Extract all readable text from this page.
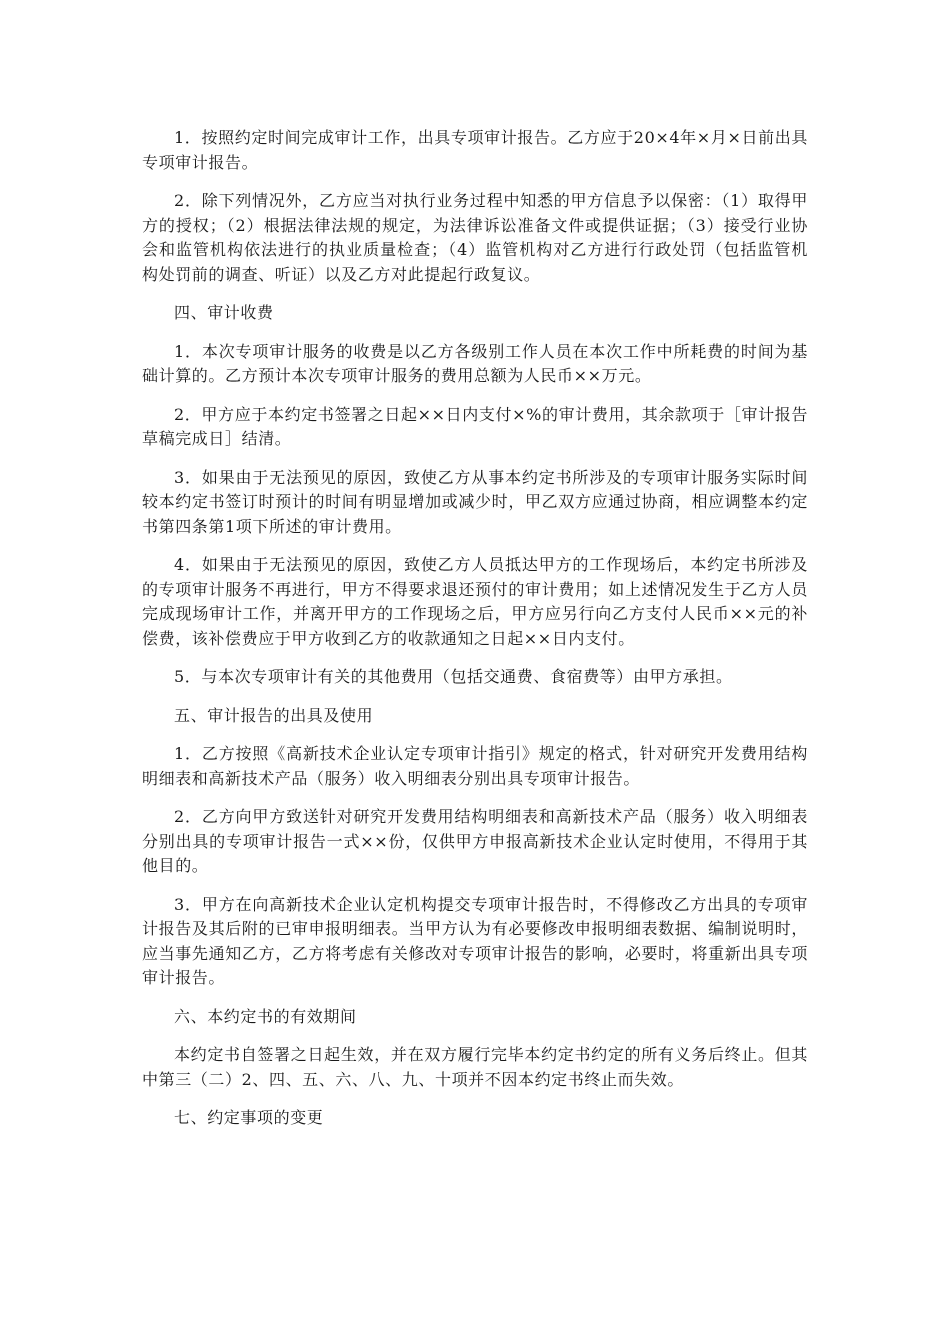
1．按照约定时间完成审计工作，出具专项审计报告。乙方应于20×4年×月×日前出具专项审计报告。

2．除下列情况外，乙方应当对执行业务过程中知悉的甲方信息予以保密：（1）取得甲方的授权；（2）根据法律法规的规定，为法律诉讼准备文件或提供证据；（3）接受行业协会和监管机构依法进行的执业质量检查；（4）监管机构对乙方进行行政处罚（包括监管机构处罚前的调查、听证）以及乙方对此提起行政复议。

四、审计收费

1．本次专项审计服务的收费是以乙方各级别工作人员在本次工作中所耗费的时间为基础计算的。乙方预计本次专项审计服务的费用总额为人民币××万元。

2．甲方应于本约定书签署之日起××日内支付×%的审计费用，其余款项于［审计报告草稿完成日］结清。

3．如果由于无法预见的原因，致使乙方从事本约定书所涉及的专项审计服务实际时间较本约定书签订时预计的时间有明显增加或减少时，甲乙双方应通过协商，相应调整本约定书第四条第1项下所述的审计费用。

4．如果由于无法预见的原因，致使乙方人员抵达甲方的工作现场后，本约定书所涉及的专项审计服务不再进行，甲方不得要求退还预付的审计费用；如上述情况发生于乙方人员完成现场审计工作，并离开甲方的工作现场之后，甲方应另行向乙方支付人民币××元的补偿费，该补偿费应于甲方收到乙方的收款通知之日起××日内支付。

5．与本次专项审计有关的其他费用（包括交通费、食宿费等）由甲方承担。

五、审计报告的出具及使用

1．乙方按照《高新技术企业认定专项审计指引》规定的格式，针对研究开发费用结构明细表和高新技术产品（服务）收入明细表分别出具专项审计报告。

2．乙方向甲方致送针对研究开发费用结构明细表和高新技术产品（服务）收入明细表分别出具的专项审计报告一式××份，仅供甲方申报高新技术企业认定时使用，不得用于其他目的。

3．甲方在向高新技术企业认定机构提交专项审计报告时，不得修改乙方出具的专项审计报告及其后附的已审申报明细表。当甲方认为有必要修改申报明细表数据、编制说明时，应当事先通知乙方，乙方将考虑有关修改对专项审计报告的影响，必要时，将重新出具专项审计报告。

六、本约定书的有效期间

本约定书自签署之日起生效，并在双方履行完毕本约定书约定的所有义务后终止。但其中第三（二）2、四、五、六、八、九、十项并不因本约定书终止而失效。

七、约定事项的变更
